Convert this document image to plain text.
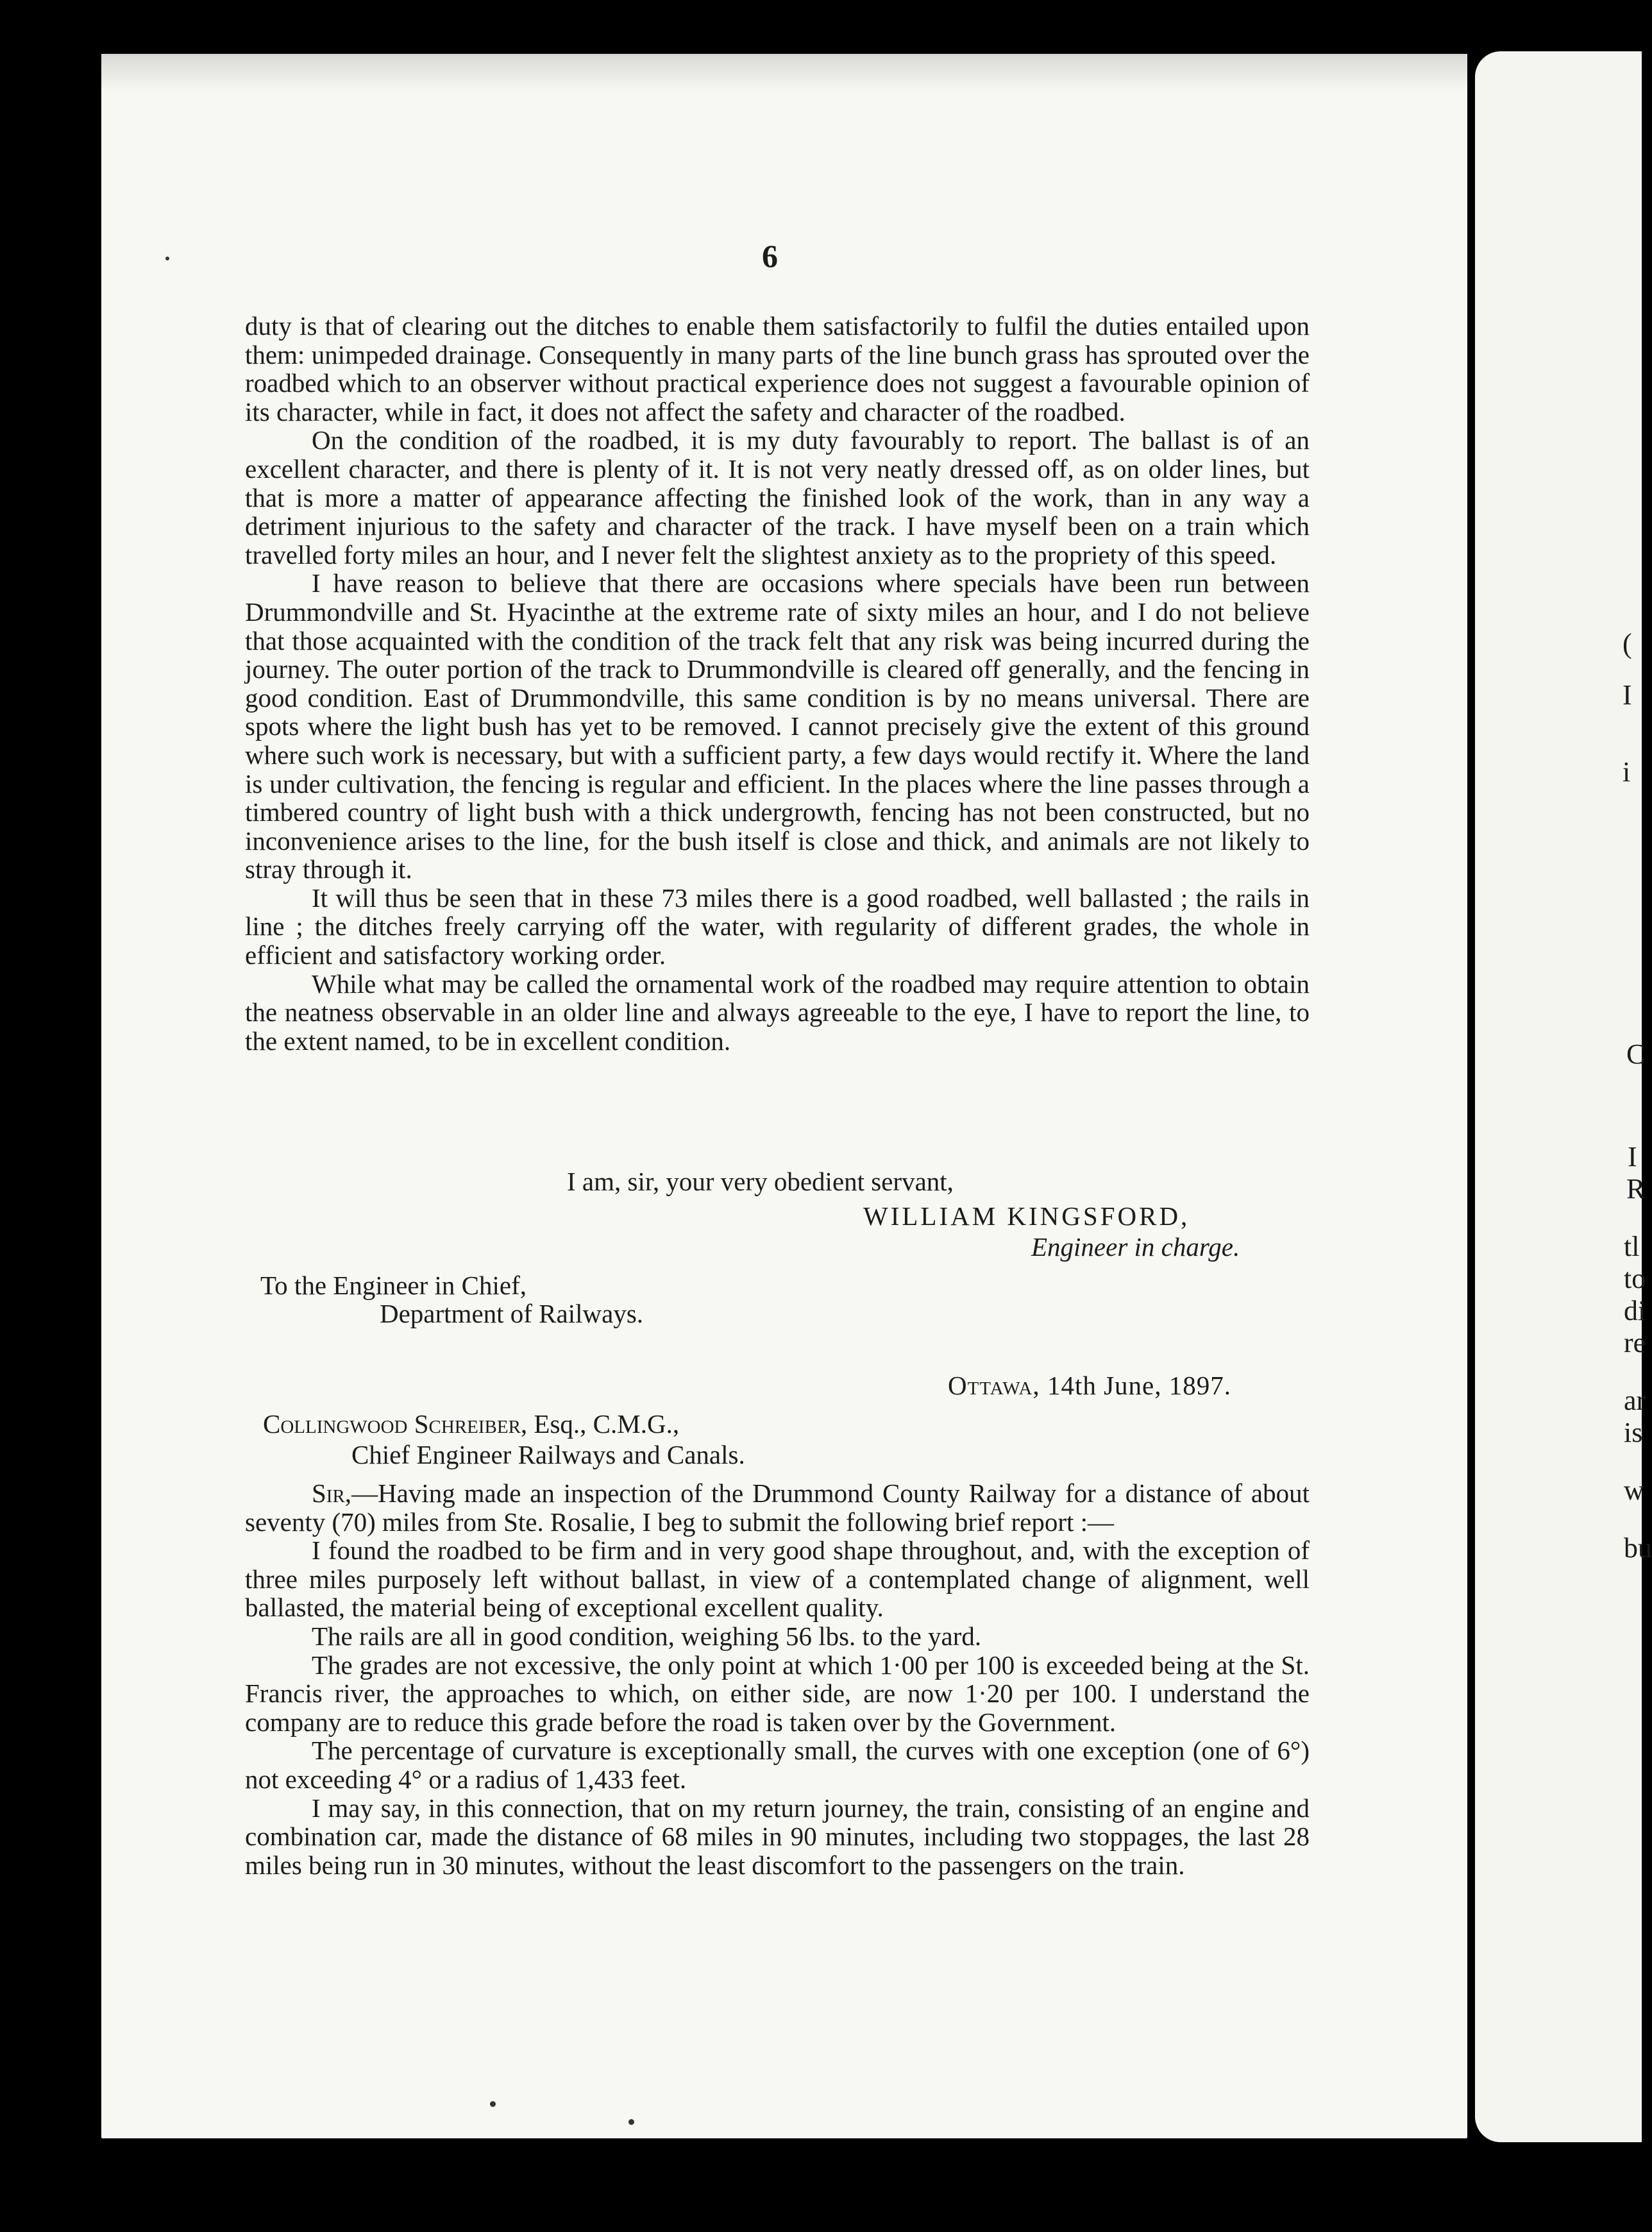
(
I
i
C
I
R
tl
to
di
re
ar
is
w
bu
6

duty is that of clearing out the ditches to enable them satisfactorily to fulfil the duties entailed upon them: unimpeded drainage. Consequently in many parts of the line bunch grass has sprouted over the roadbed which to an observer without practical experience does not suggest a favourable opinion of its character, while in fact, it does not affect the safety and character of the roadbed.

On the condition of the roadbed, it is my duty favourably to report. The ballast is of an excellent character, and there is plenty of it. It is not very neatly dressed off, as on older lines, but that is more a matter of appearance affecting the finished look of the work, than in any way a detriment injurious to the safety and character of the track. I have myself been on a train which travelled forty miles an hour, and I never felt the slightest anxiety as to the propriety of this speed.

I have reason to believe that there are occasions where specials have been run between Drummondville and St. Hyacinthe at the extreme rate of sixty miles an hour, and I do not believe that those acquainted with the condition of the track felt that any risk was being incurred during the journey. The outer portion of the track to Drummondville is cleared off generally, and the fencing in good condition. East of Drummondville, this same condition is by no means universal. There are spots where the light bush has yet to be removed. I cannot precisely give the extent of this ground where such work is necessary, but with a sufficient party, a few days would rectify it. Where the land is under cultivation, the fencing is regular and efficient. In the places where the line passes through a timbered country of light bush with a thick undergrowth, fencing has not been constructed, but no inconvenience arises to the line, for the bush itself is close and thick, and animals are not likely to stray through it.

It will thus be seen that in these 73 miles there is a good roadbed, well ballasted ; the rails in line ; the ditches freely carrying off the water, with regularity of different grades, the whole in efficient and satisfactory working order.

While what may be called the ornamental work of the roadbed may require attention to obtain the neatness observable in an older line and always agreeable to the eye, I have to report the line, to the extent named, to be in excellent condition.

I am, sir, your very obedient servant,
WILLIAM KINGSFORD,
Engineer in charge.
To the Engineer in Chief,
Department of Railways.
Ottawa, 14th June, 1897.
Collingwood Schreiber, Esq., C.M.G.,
Chief Engineer Railways and Canals.

Sir,—Having made an inspection of the Drummond County Railway for a distance of about seventy (70) miles from Ste. Rosalie, I beg to submit the following brief report :—

I found the roadbed to be firm and in very good shape throughout, and, with the exception of three miles purposely left without ballast, in view of a contemplated change of alignment, well ballasted, the material being of exceptional excellent quality.

The rails are all in good condition, weighing 56 lbs. to the yard.

The grades are not excessive, the only point at which 1·00 per 100 is exceeded being at the St. Francis river, the approaches to which, on either side, are now 1·20 per 100. I understand the company are to reduce this grade before the road is taken over by the Government.

The percentage of curvature is exceptionally small, the curves with one exception (one of 6°) not exceeding 4° or a radius of 1,433 feet.

I may say, in this connection, that on my return journey, the train, consisting of an engine and combination car, made the distance of 68 miles in 90 minutes, including two stoppages, the last 28 miles being run in 30 minutes, without the least discomfort to the passengers on the train.
